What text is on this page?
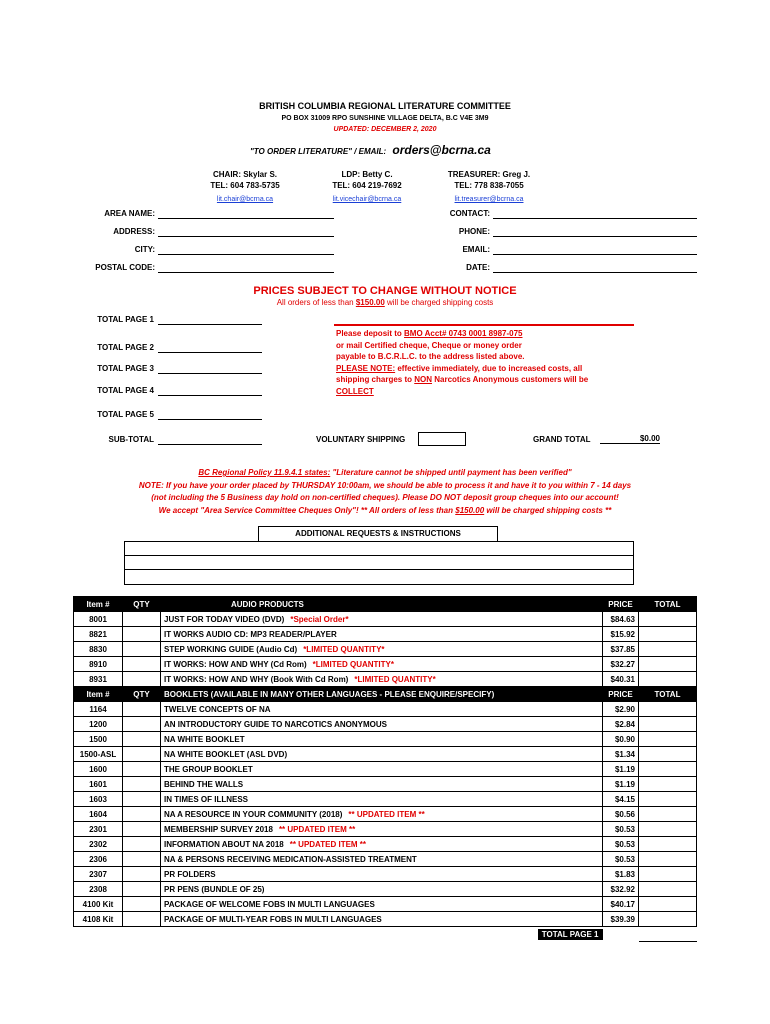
BRITISH COLUMBIA REGIONAL LITERATURE COMMITTEE
PO BOX 31009 RPO SUNSHINE VILLAGE DELTA, B.C V4E 3M9
UPDATED: DECEMBER 2, 2020
"TO ORDER LITERATURE" / EMAIL: orders@bcrna.ca
CHAIR: Skylar S.
TEL: 604 783-5735
lit.chair@bcrna.ca
LDP: Betty C.
TEL: 604 219-7692
lit.vicechair@bcrna.ca
TREASURER: Greg J.
TEL: 778 838-7055
lit.treasurer@bcrna.ca
AREA NAME:
ADDRESS:
CITY:
POSTAL CODE:
CONTACT:
PHONE:
EMAIL:
DATE:
PRICES SUBJECT TO CHANGE WITHOUT NOTICE
All orders of less than $150.00 will be charged shipping costs
TOTAL PAGE 1
TOTAL PAGE 2
TOTAL PAGE 3
TOTAL PAGE 4
TOTAL PAGE 5
SUB-TOTAL
Please deposit to BMO Acct# 0743 0001 8987-075
or mail Certified cheque, Cheque or money order
payable to B.C.R.L.C. to the address listed above.
PLEASE NOTE: effective immediately, due to increased costs, all
shipping charges to NON Narcotics Anonymous customers will be
COLLECT
VOLUNTARY SHIPPING	GRAND TOTAL	$0.00
BC Regional Policy 11.9.4.1 states: "Literature cannot be shipped until payment has been verified"
NOTE: If you have your order placed by THURSDAY 10:00am, we should be able to process it and have it to you within 7 - 14 days
(not including the 5 Business day hold on non-certified cheques). Please DO NOT deposit group cheques into our account!
We accept "Area Service Committee Cheques Only"! ** All orders of less than $150.00 will be charged shipping costs **
ADDITIONAL REQUESTS & INSTRUCTIONS
Item #	QTY	AUDIO PRODUCTS	PRICE	TOTAL
8001		JUST FOR TODAY VIDEO (DVD) *Special Order*	$84.63	
8821		IT WORKS AUDIO CD: MP3 READER/PLAYER	$15.92	
8830		STEP WORKING GUIDE (Audio Cd) *LIMITED QUANTITY*	$37.85	
8910		IT WORKS: HOW AND WHY (Cd Rom) *LIMITED QUANTITY*	$32.27	
8931		IT WORKS: HOW AND WHY (Book With Cd Rom) *LIMITED QUANTITY*	$40.31	
Item #	QTY	BOOKLETS (AVAILABLE IN MANY OTHER LANGUAGES - PLEASE ENQUIRE/SPECIFY)	PRICE	TOTAL
1164		TWELVE CONCEPTS OF NA	$2.90	
1200		AN INTRODUCTORY GUIDE TO NARCOTICS ANONYMOUS	$2.84	
1500		NA WHITE BOOKLET	$0.90	
1500-ASL		NA WHITE BOOKLET (ASL DVD)	$1.34	
1600		THE GROUP BOOKLET	$1.19	
1601		BEHIND THE WALLS	$1.19	
1603		IN TIMES OF ILLNESS	$4.15	
1604		NA A RESOURCE IN YOUR COMMUNITY (2018) ** UPDATED ITEM **	$0.56	
2301		MEMBERSHIP SURVEY 2018 ** UPDATED ITEM **	$0.53	
2302		INFORMATION ABOUT NA 2018 ** UPDATED ITEM **	$0.53	
2306		NA & PERSONS RECEIVING MEDICATION-ASSISTED TREATMENT	$0.53	
2307		PR FOLDERS	$1.83	
2308		PR PENS (BUNDLE OF 25)	$32.92	
4100 Kit		PACKAGE OF WELCOME FOBS IN MULTI LANGUAGES	$40.17	
4108 Kit		PACKAGE OF MULTI-YEAR FOBS IN MULTI LANGUAGES	$39.39	
		TOTAL PAGE 1		
